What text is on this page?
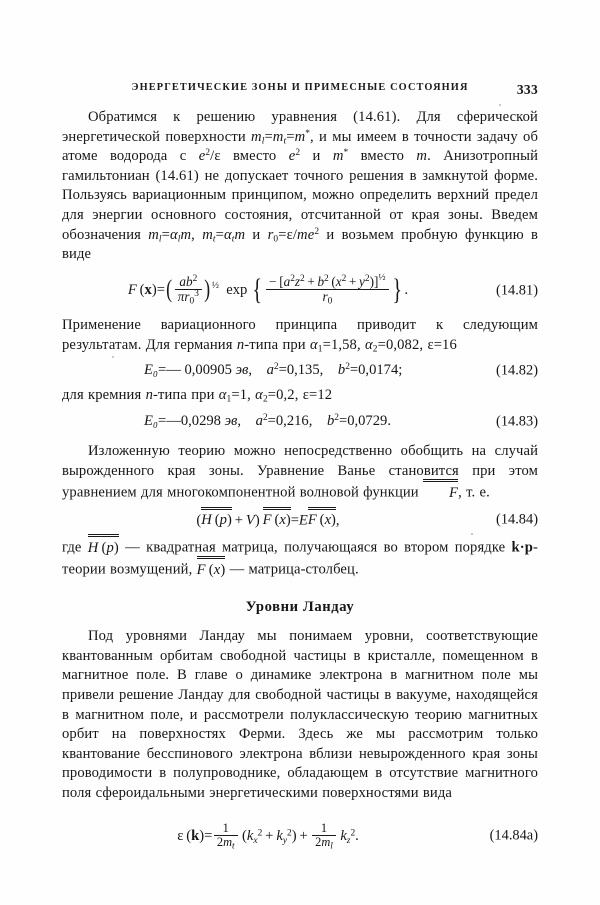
ЭНЕРГЕТИЧЕСКИЕ ЗОНЫ И ПРИМЕСНЫЕ СОСТОЯНИЯ	333

Обратимся к решению уравнения (14.61). Для сферической энергетической поверхности $m_l=m_t=m^*$, и мы имеем в точности задачу об атоме водорода с $e^2/\varepsilon$ вместо $e^2$ и m* вместо m. Анизотропный гамильтониан (14.61) не допускает точного решения в замкнутой форме. Пользуясь вариационным принципом, можно определить верхний предел для энергии основного состояния, отсчитанной от края зоны. Введем обозначения $m_l=\alpha_lm$, $m_t=\alpha_tm$ и $r_0=\varepsilon/me^2$ и возьмем пробную функцию в виде

F $(x)=( \frac{ab^2}{\pi r_0^3} )^{\frac{1}{2}}$ exp  { $\frac{- [a^2z^2 + b^2 (x^2 + y^2)]^{\frac{1}{2}}}{r_0}$ } .	(14.81)

Применение вариационного принципа приводит к следующим результатам. Для германия n-типа при $\alpha_1=1,58$, $\alpha_2=0,082$, ε=16

E₀=— 0,00905 эв, $a^2=0,135$, $b^2=0,0174$;	(14.82)

для кремния n-типа при $\alpha_1=1$, $\alpha_2=0,2$, ε=12

E₀=—0,0298 эв, $a^2=0,216$, $b^2=0,0729$.	(14.83)

Изложенную теорию можно непосредственно обобщить на случай вырожденного края зоны. Уравнение Ванье становится при этом уравнением для многокомпонентной волновой функции F, т. е.

(H (p) + V) F (x)=EF (x),	(14.84)

где H (p) — квадратная матрица, получающаяся во втором порядке k·p-теории возмущений, F (x) — матрица-столбец.

Уровни Ландау

Под уровнями Ландау мы понимаем уровни, соответствующие квантованным орбитам свободной частицы в кристалле, помещенном в магнитное поле. В главе о динамике электрона в магнитном поле мы привели решение Ландау для свободной частицы в вакууме, находящейся в магнитном поле, и рассмотрели полуклассическую теорию магнитных орбит на поверхностях Ферми. Здесь же мы рассмотрим только квантование бесспинового электрона вблизи невырожденного края зоны проводимости в полупроводнике, обладающем в отсутствие магнитного поля сфероидальными энергетическими поверхностями вида

ε $(k)= \frac{1}{2m_t} (k_x^2 + k_y^2) + \frac{1}{2m_l}$
  $k_z^2$.	(14.84a)
